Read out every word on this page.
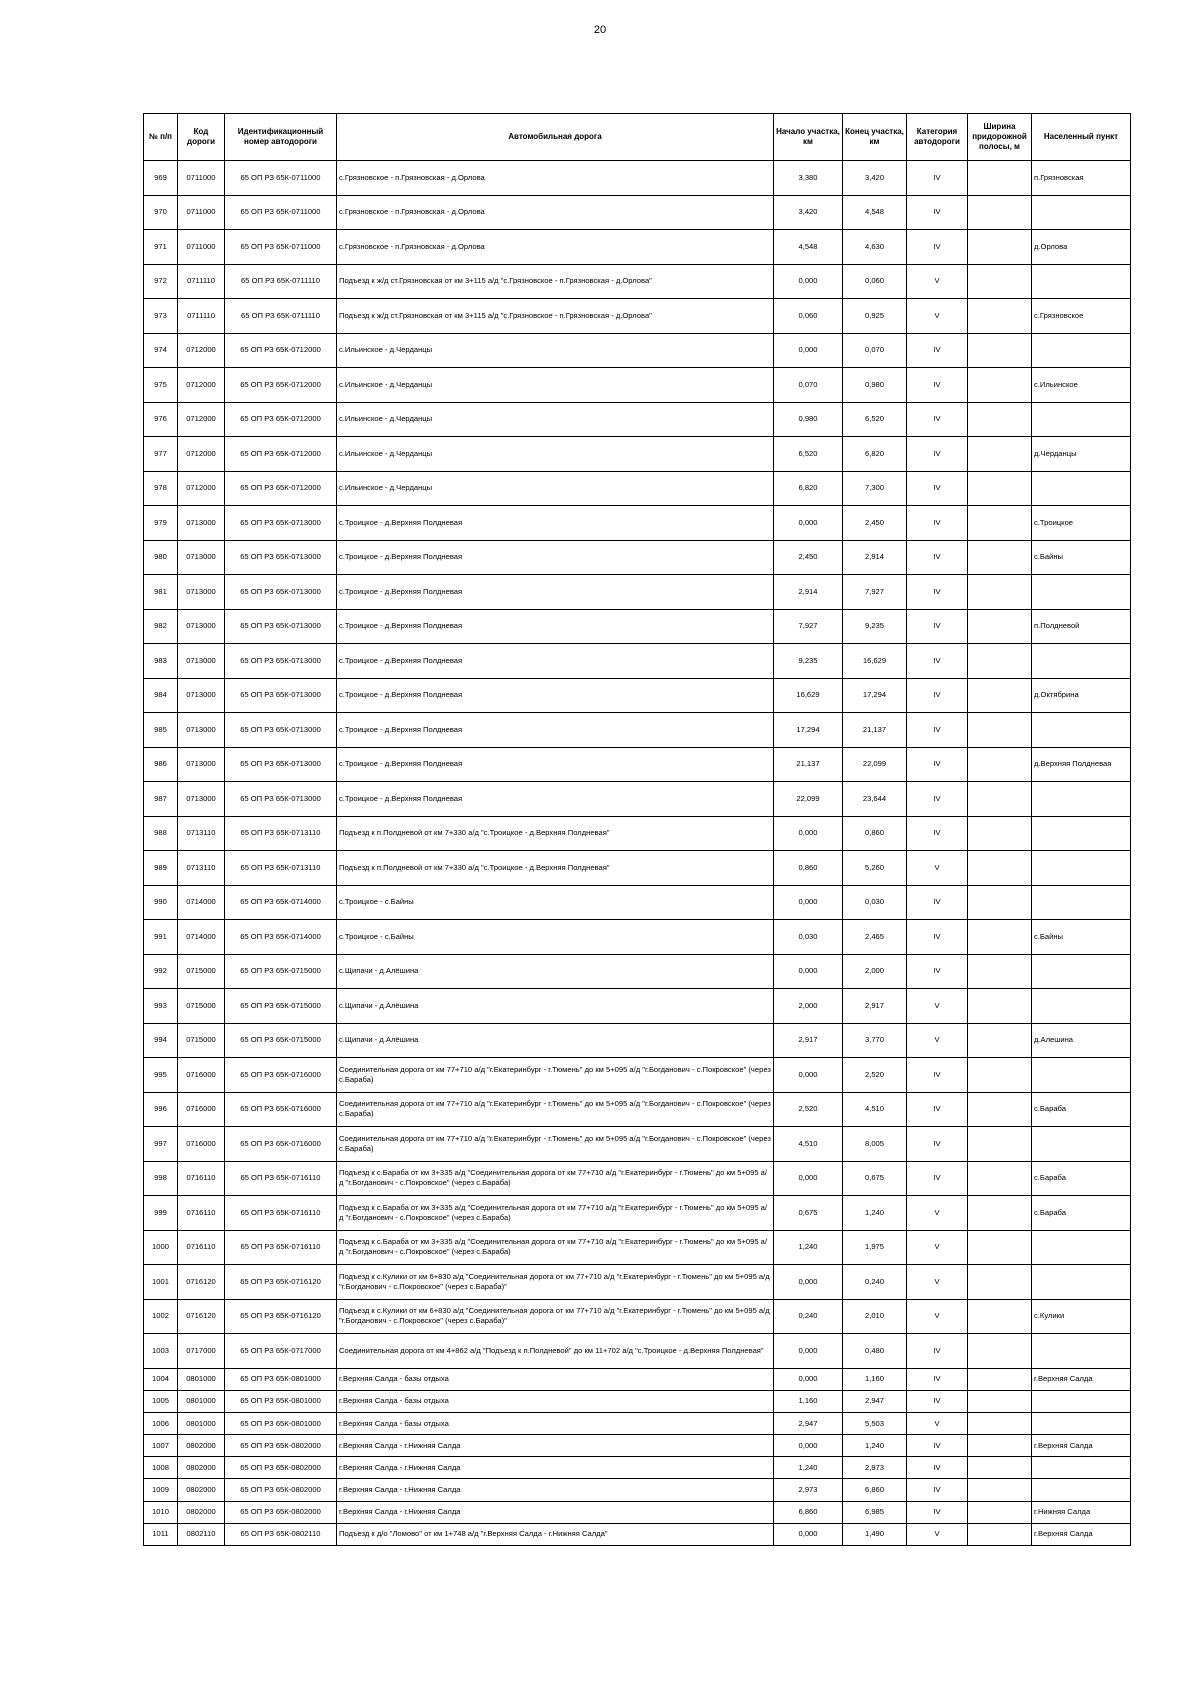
20
№ п/п	Код дороги	Идентификационный номер автодороги	Автомобильная дорога	Начало участка, км	Конец участка, км	Категория автодороги	Ширина придорожной полосы, м	Населенный пункт
969	0711000	65 ОП РЗ 65К-0711000	с.Грязновское - п.Грязновская - д.Орлова	3,380	3,420	IV		п.Грязновская
970	0711000	65 ОП РЗ 65К-0711000	с.Грязновское - п.Грязновская - д.Орлова	3,420	4,548	IV		
971	0711000	65 ОП РЗ 65К-0711000	с.Грязновское - п.Грязновская - д.Орлова	4,548	4,630	IV		д.Орлова
972	0711110	65 ОП РЗ 65К-0711110	Подъезд к ж/д ст.Грязновская от км 3+115 а/д "с.Грязновское - п.Грязновская - д.Орлова"	0,000	0,060	V		
973	0711110	65 ОП РЗ 65К-0711110	Подъезд к ж/д ст.Грязновская от км 3+115 а/д "с.Грязновское - п.Грязновская - д.Орлова"	0,060	0,925	V		с.Грязновское
974	0712000	65 ОП РЗ 65К-0712000	с.Ильинское - д.Черданцы	0,000	0,070	IV		
975	0712000	65 ОП РЗ 65К-0712000	с.Ильинское - д.Черданцы	0,070	0,980	IV		с.Ильинское
976	0712000	65 ОП РЗ 65К-0712000	с.Ильинское - д.Черданцы	0,980	6,520	IV		
977	0712000	65 ОП РЗ 65К-0712000	с.Ильинское - д.Черданцы	6,520	6,820	IV		д.Черданцы
978	0712000	65 ОП РЗ 65К-0712000	с.Ильинское - д.Черданцы	6,820	7,300	IV		
979	0713000	65 ОП РЗ 65К-0713000	с.Троицкое - д.Верхняя Полдневая	0,000	2,450	IV		с.Троицкое
980	0713000	65 ОП РЗ 65К-0713000	с.Троицкое - д.Верхняя Полдневая	2,450	2,914	IV		с.Байны
981	0713000	65 ОП РЗ 65К-0713000	с.Троицкое - д.Верхняя Полдневая	2,914	7,927	IV		
982	0713000	65 ОП РЗ 65К-0713000	с.Троицкое - д.Верхняя Полдневая	7,927	9,235	IV		п.Полдневой
983	0713000	65 ОП РЗ 65К-0713000	с.Троицкое - д.Верхняя Полдневая	9,235	16,629	IV		
984	0713000	65 ОП РЗ 65К-0713000	с.Троицкое - д.Верхняя Полдневая	16,629	17,294	IV		д.Октябрина
985	0713000	65 ОП РЗ 65К-0713000	с.Троицкое - д.Верхняя Полдневая	17,294	21,137	IV		
986	0713000	65 ОП РЗ 65К-0713000	с.Троицкое - д.Верхняя Полдневая	21,137	22,099	IV		д.Верхняя Полдневая
987	0713000	65 ОП РЗ 65К-0713000	с.Троицкое - д.Верхняя Полдневая	22,099	23,644	IV		
988	0713110	65 ОП РЗ 65К-0713110	Подъезд к п.Полдневой от км 7+330 а/д "с.Троицкое - д.Верхняя Полдневая"	0,000	0,860	IV		
989	0713110	65 ОП РЗ 65К-0713110	Подъезд к п.Полдневой от км 7+330 а/д "с.Троицкое - д.Верхняя Полдневая"	0,860	5,260	V		
990	0714000	65 ОП РЗ 65К-0714000	с.Троицкое - с.Байны	0,000	0,030	IV		
991	0714000	65 ОП РЗ 65К-0714000	с.Троицкое - с.Байны	0,030	2,465	IV		с.Байны
992	0715000	65 ОП РЗ 65К-0715000	с.Щипачи - д.Алёшина	0,000	2,000	IV		
993	0715000	65 ОП РЗ 65К-0715000	с.Щипачи - д.Алёшина	2,000	2,917	V		
994	0715000	65 ОП РЗ 65К-0715000	с.Щипачи - д.Алёшина	2,917	3,770	V		д.Алешина
995	0716000	65 ОП РЗ 65К-0716000	Соединительная дорога от км 77+710 а/д "г.Екатеринбург - г.Тюмень" до км 5+095 а/д "г.Богданович - с.Покровское" (через с.Бараба)	0,000	2,520	IV		
996	0716000	65 ОП РЗ 65К-0716000	Соединительная дорога от км 77+710 а/д "г.Екатеринбург - г.Тюмень" до км 5+095 а/д "г.Богданович - с.Покровское" (через с.Бараба)	2,520	4,510	IV		с.Бараба
997	0716000	65 ОП РЗ 65К-0716000	Соединительная дорога от км 77+710 а/д "г.Екатеринбург - г.Тюмень" до км 5+095 а/д "г.Богданович - с.Покровское" (через с.Бараба)	4,510	8,005	IV		
998	0716110	65 ОП РЗ 65К-0716110	Подъезд к с.Бараба от км 3+335 а/д "Соединительная дорога от км 77+710 а/д "г.Екатеринбург - г.Тюмень" до км 5+095 а/д "г.Богданович - с.Покровское" (через с.Бараба)	0,000	0,675	IV		с.Бараба
999	0716110	65 ОП РЗ 65К-0716110	Подъезд к с.Бараба от км 3+335 а/д "Соединительная дорога от км 77+710 а/д "г.Екатеринбург - г.Тюмень" до км 5+095 а/д "г.Богданович - с.Покровское" (через с.Бараба)	0,675	1,240	V		с.Бараба
1000	0716110	65 ОП РЗ 65К-0716110	Подъезд к с.Бараба от км 3+335 а/д "Соединительная дорога от км 77+710 а/д "г.Екатеринбург - г.Тюмень" до км 5+095 а/д "г.Богданович - с.Покровское" (через с.Бараба)	1,240	1,975	V		
1001	0716120	65 ОП РЗ 65К-0716120	Подъезд к с.Кулики от км 6+830 а/д "Соединительная дорога от км 77+710 а/д "г.Екатеринбург - г.Тюмень" до км 5+095 а/д "г.Богданович - с.Покровское" (через с.Бараба)"	0,000	0,240	V		
1002	0716120	65 ОП РЗ 65К-0716120	Подъезд к с.Кулики от км 6+830 а/д "Соединительная дорога от км 77+710 а/д "г.Екатеринбург - г.Тюмень" до км 5+095 а/д "г.Богданович - с.Покровское" (через с.Бараба)"	0,240	2,010	V		с.Кулики
1003	0717000	65 ОП РЗ 65К-0717000	Соединительная дорога от км 4+862 а/д "Подъезд к п.Полдневой" до км 11+702 а/д "с.Троицкое - д.Верхняя Полдневая"	0,000	0,480	IV		
1004	0801000	65 ОП РЗ 65К-0801000	г.Верхняя Салда - базы отдыха	0,000	1,160	IV		г.Верхняя Салда
1005	0801000	65 ОП РЗ 65К-0801000	г.Верхняя Салда - базы отдыха	1,160	2,947	IV		
1006	0801000	65 ОП РЗ 65К-0801000	г.Верхняя Салда - базы отдыха	2,947	5,503	V		
1007	0802000	65 ОП РЗ 65К-0802000	г.Верхняя Салда - г.Нижняя Салда	0,000	1,240	IV		г.Верхняя Салда
1008	0802000	65 ОП РЗ 65К-0802000	г.Верхняя Салда - г.Нижняя Салда	1,240	2,973	IV		
1009	0802000	65 ОП РЗ 65К-0802000	г.Верхняя Салда - г.Нижняя Салда	2,973	6,860	IV		
1010	0802000	65 ОП РЗ 65К-0802000	г.Верхняя Салда - г.Нижняя Салда	6,860	6,985	IV		г.Нижняя Салда
1011	0802110	65 ОП РЗ 65К-0802110	Подъезд к д/о "Ломово" от км 1+748 а/д "г.Верхняя Салда - г.Нижняя Салда"	0,000	1,490	V		г.Верхняя Салда
